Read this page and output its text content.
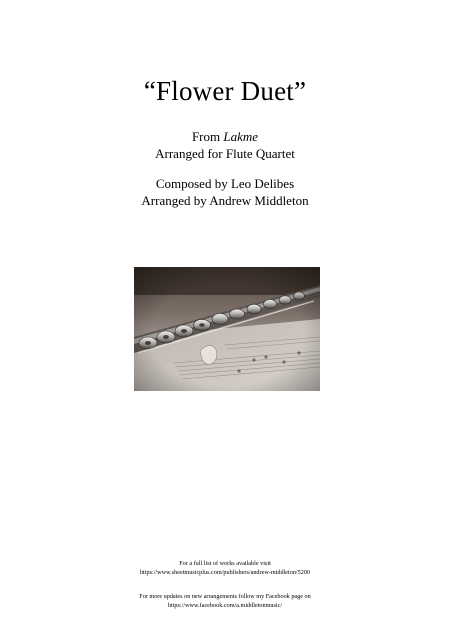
“Flower Duet”
From Lakme
Arranged for Flute Quartet
Composed by Leo Delibes
Arranged by Andrew Middleton
For a full list of works available visit
https://www.sheetmusicplus.com/publishers/andrew-middleton/5200
For more updates on new arrangements follow my Facebook page on
https://www.facebook.com/a.middletonmusic/
